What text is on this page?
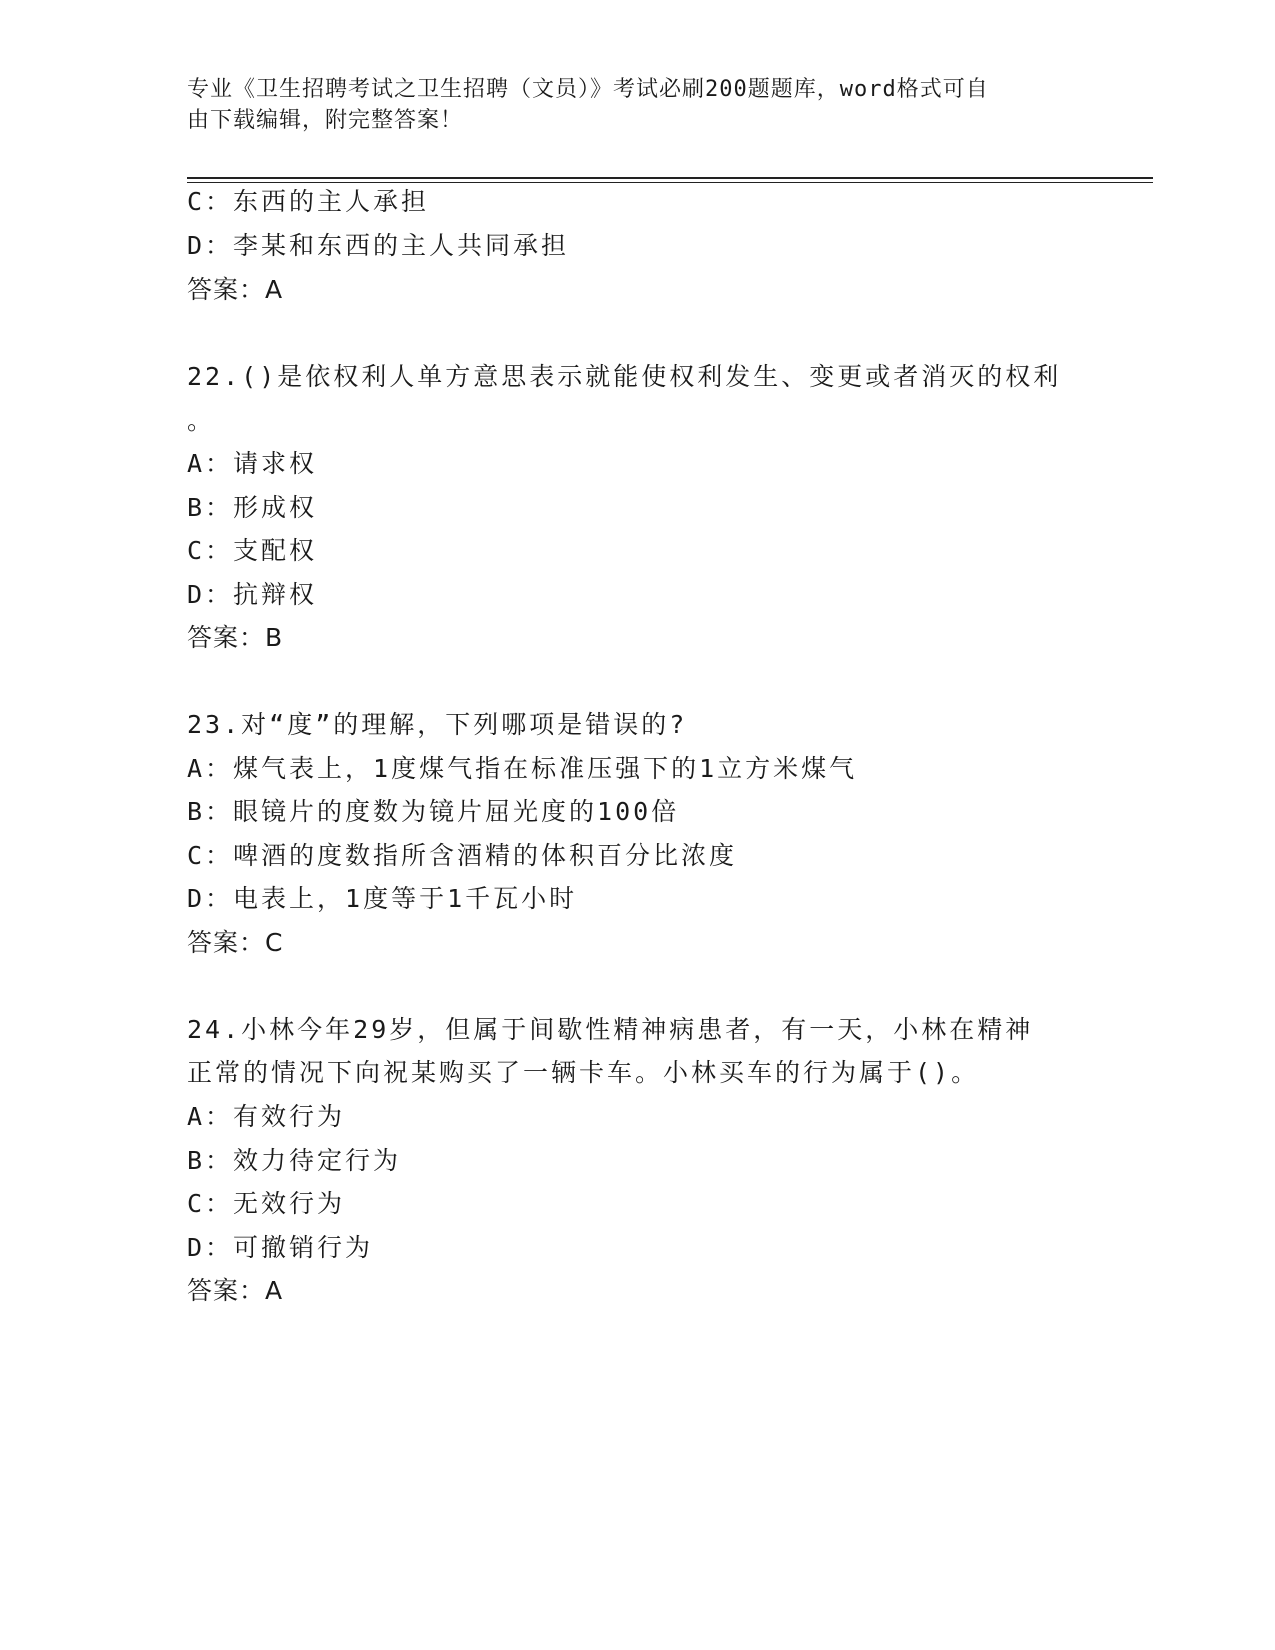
专业《卫生招聘考试之卫生招聘（文员）》考试必刷200题题库，word格式可自
由下载编辑，附完整答案！
C：东西的主人承担
D：李某和东西的主人共同承担
答案：A
22.()是依权利人单方意思表示就能使权利发生、变更或者消灭的权利
。
A：请求权
B：形成权
C：支配权
D：抗辩权
答案：B
23.对“度”的理解，下列哪项是错误的?
A：煤气表上，1度煤气指在标准压强下的1立方米煤气
B：眼镜片的度数为镜片屈光度的100倍
C：啤酒的度数指所含酒精的体积百分比浓度
D：电表上，1度等于1千瓦小时
答案：C
24.小林今年29岁，但属于间歇性精神病患者，有一天，小林在精神
正常的情况下向祝某购买了一辆卡车。小林买车的行为属于()。
A：有效行为
B：效力待定行为
C：无效行为
D：可撤销行为
答案：A
